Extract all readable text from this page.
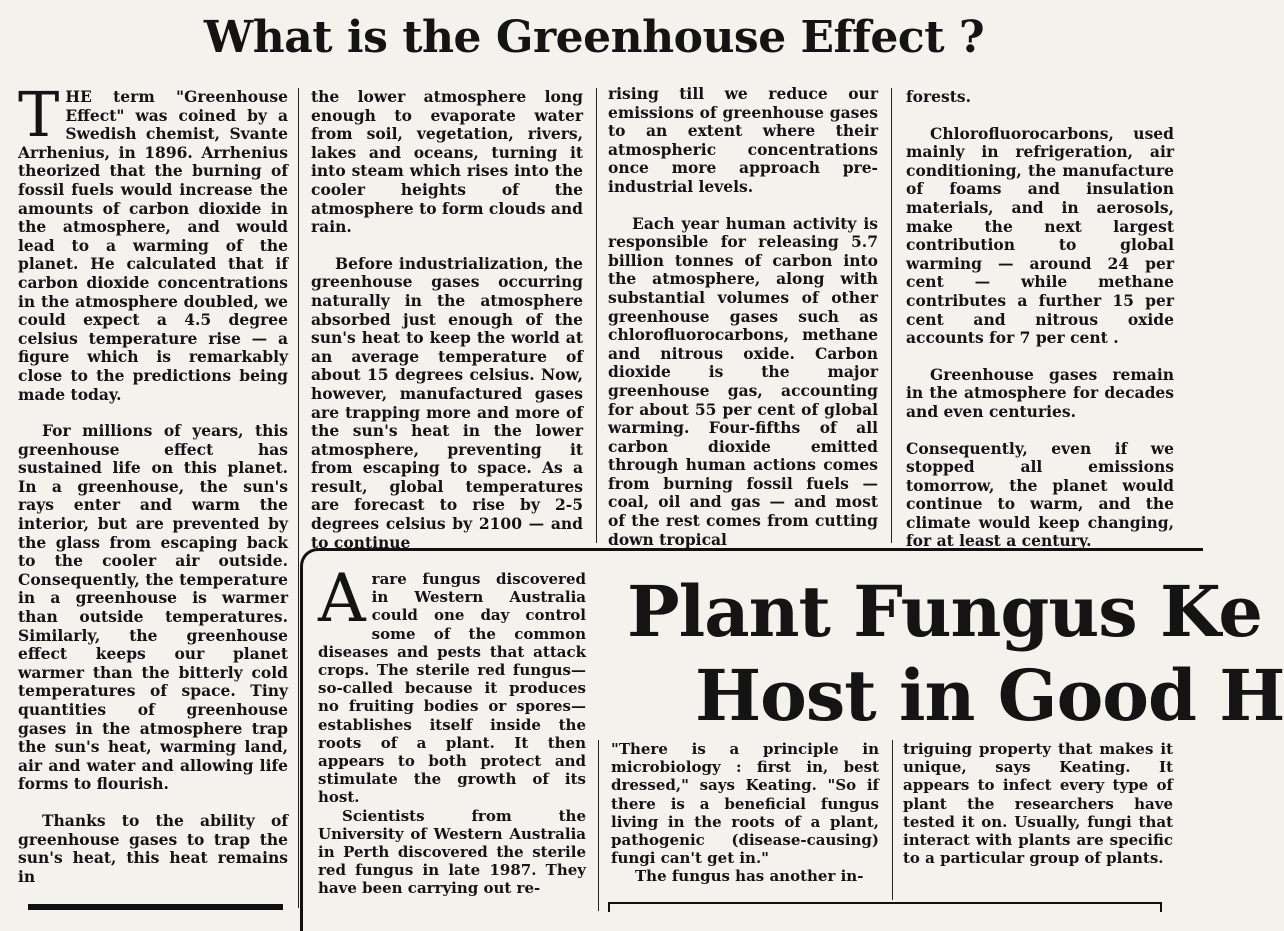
What is the Greenhouse Effect ?

THE term "Greenhouse Effect" was coined by a Swedish chemist, Svante Arrhenius, in 1896. Arrhenius theorized that the burning of fossil fuels would increase the amounts of carbon dioxide in the atmosphere, and would lead to a warming of the planet. He calculated that if carbon dioxide concentrations in the atmosphere doubled, we could expect a 4.5 degree celsius temperature rise — a figure which is remarkably close to the predictions being made today.

For millions of years, this greenhouse effect has sustained life on this planet. In a greenhouse, the sun's rays enter and warm the interior, but are prevented by the glass from escaping back to the cooler air outside. Consequently, the temperature in a greenhouse is warmer than outside temperatures. Similarly, the greenhouse effect keeps our planet warmer than the bitterly cold temperatures of space. Tiny quantities of greenhouse gases in the atmosphere trap the sun's heat, warming land, air and water and allowing life forms to flourish.

Thanks to the ability of greenhouse gases to trap the sun's heat, this heat remains in

the lower atmosphere long enough to evaporate water from soil, vegetation, rivers, lakes and oceans, turning it into steam which rises into the cooler heights of the atmosphere to form clouds and rain.

Before industrialization, the greenhouse gases occurring naturally in the atmosphere absorbed just enough of the sun's heat to keep the world at an average temperature of about 15 degrees celsius. Now, however, manufactured gases are trapping more and more of the sun's heat in the lower atmosphere, preventing it from escaping to space. As a result, global temperatures are forecast to rise by 2-5 degrees celsius by 2100 — and to continue

rising till we reduce our emissions of greenhouse gases to an extent where their atmospheric concentrations once more approach pre-industrial levels.

Each year human activity is responsible for releasing 5.7 billion tonnes of carbon into the atmosphere, along with substantial volumes of other greenhouse gases such as chlorofluorocarbons, methane and nitrous oxide. Carbon dioxide is the major greenhouse gas, accounting for about 55 per cent of global warming. Four-fifths of all carbon dioxide emitted through human actions comes from burning fossil fuels — coal, oil and gas — and most of the rest comes from cutting down tropical

forests.

Chlorofluorocarbons, used mainly in refrigeration, air conditioning, the manufacture of foams and insulation materials, and in aerosols, make the next largest contribution to global warming — around 24 per cent — while methane contributes a further 15 per cent and nitrous oxide accounts for 7 per cent .

Greenhouse gases remain in the atmosphere for decades and even centuries.

Consequently, even if we stopped all emissions tomorrow, the planet would continue to warm, and the climate would keep changing, for at least a century.

Plant Fungus Ke
Host in Good H

Arare fungus discovered in Western Australia could one day control some of the common diseases and pests that attack crops. The sterile red fungus—so-called because it produces no fruiting bodies or spores—establishes itself inside the roots of a plant. It then appears to both protect and stimulate the growth of its host.

Scientists from the University of Western Australia in Perth discovered the sterile red fungus in late 1987. They have been carrying out re-

"There is a principle in microbiology : first in, best dressed," says Keating. "So if there is a beneficial fungus living in the roots of a plant, pathogenic (disease-causing) fungi can't get in."

The fungus has another in-

triguing property that makes it unique, says Keating. It appears to infect every type of plant the researchers have tested it on. Usually, fungi that interact with plants are specific to a particular group of plants.
